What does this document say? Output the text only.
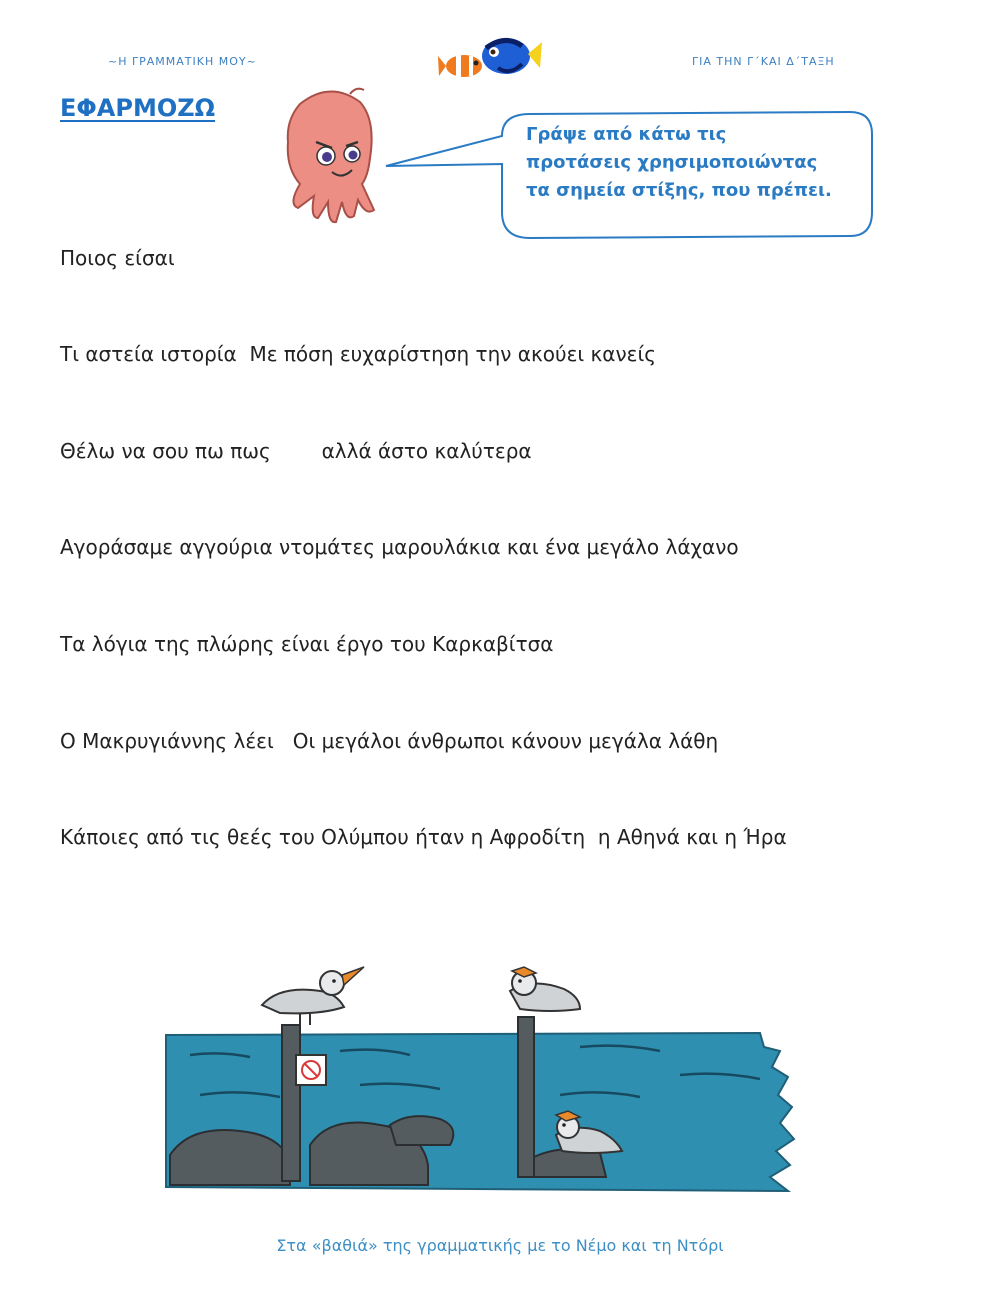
~Η ΓΡΑΜΜΑΤΙΚΗ ΜΟΥ~	ΓΙΑ ΤΗΝ Γ΄ΚΑΙ Δ΄ΤΑΞΗ
ΕΦΑΡΜΟΖΩ
Γράψε από κάτω τις
προτάσεις χρησιμοποιώντας
τα σημεία στίξης, που πρέπει.
Ποιος είσαι
Τι αστεία ιστορία  Με πόση ευχαρίστηση την ακούει κανείς
Θέλω να σου πω πως        αλλά άστο καλύτερα
Αγοράσαμε αγγούρια ντομάτες μαρουλάκια και ένα μεγάλο λάχανο
Τα λόγια της πλώρης είναι έργο του Καρκαβίτσα
Ο Μακρυγιάννης λέει   Οι μεγάλοι άνθρωποι κάνουν μεγάλα λάθη
Κάποιες από τις θεές του Ολύμπου ήταν η Αφροδίτη  η Αθηνά και η Ήρα
Στα «βαθιά» της γραμματικής με το Νέμο και τη Ντόρι
